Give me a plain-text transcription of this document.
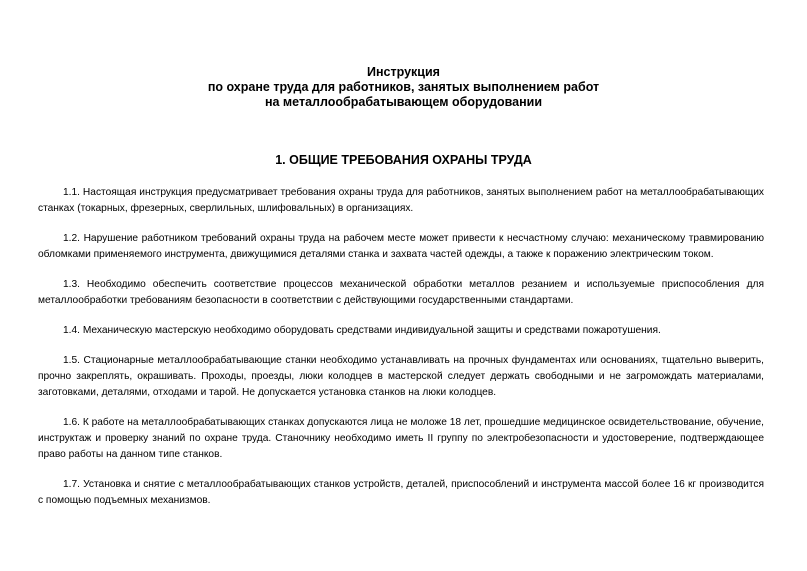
Инструкция
по охране труда для работников, занятых выполнением работ
на металлообрабатывающем оборудовании
1. ОБЩИЕ ТРЕБОВАНИЯ ОХРАНЫ ТРУДА

1.1. Настоящая инструкция предусматривает требования охраны труда для работников, занятых выполнением работ на металлообрабатывающих станках (токарных, фрезерных, сверлильных, шлифовальных) в организациях.

1.2. Нарушение работником требований охраны труда на рабочем месте может привести к несчастному случаю: механическому травмированию обломками применяемого инструмента, движущимися деталями станка и захвата частей одежды, а также к поражению электрическим током.

1.3. Необходимо обеспечить соответствие процессов механической обработки металлов резанием и используемые приспособления для металлообработки требованиям безопасности в соответствии с действующими государственными стандартами.

1.4. Механическую мастерскую необходимо оборудовать средствами индивидуальной защиты и средствами пожаротушения.

1.5. Стационарные металлообрабатывающие станки необходимо устанавливать на прочных фундаментах или основаниях, тщательно выверить, прочно закреплять, окрашивать. Проходы, проезды, люки колодцев в мастерской следует держать свободными и не загромождать материалами, заготовками, деталями, отходами и тарой. Не допускается установка станков на люки колодцев.

1.6. К работе на металлообрабатывающих станках допускаются лица не моложе 18 лет, прошедшие медицинское освидетельствование, обучение, инструктаж и проверку знаний по охране труда. Станочнику необходимо иметь II группу по электробезопасности и удостоверение, подтверждающее право работы на данном типе станков.

1.7. Установка и снятие с металлообрабатывающих станков устройств, деталей, приспособлений и инструмента массой более 16 кг производится с помощью подъемных механизмов.
